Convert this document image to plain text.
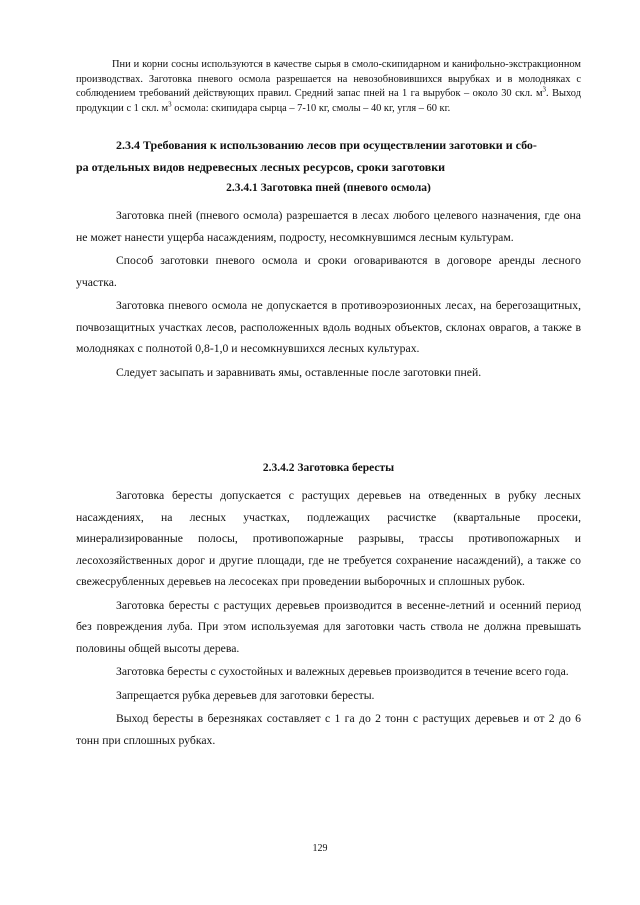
Пни и корни сосны используются в качестве сырья в смоло-скипидарном и канифольно-экстракционном производствах. Заготовка пневого осмола разрешается на невозобновившихся вырубках и в молодняках с соблюдением требований действующих правил. Средний запас пней на 1 га вырубок – около 30 скл. $м^3$. Выход продукции с 1 скл. $м^3$ осмола: скипидара сырца – 7-10 кг, смолы – 40 кг, угля – 60 кг.

2.3.4 Требования к использованию лесов при осуществлении заготовки и сбо-

ра отдельных видов недревесных лесных ресурсов, сроки заготовки

2.3.4.1 Заготовка пней (пневого осмола)

Заготовка пней (пневого осмола) разрешается в лесах любого целевого назначения, где она не может нанести ущерба насаждениям, подросту, несомкнувшимся лесным культурам.

Способ заготовки пневого осмола и сроки оговариваются в договоре аренды лесного участка.

Заготовка пневого осмола не допускается в противоэрозионных лесах, на берегозащитных, почвозащитных участках лесов, расположенных вдоль водных объектов, склонах оврагов, а также в молодняках с полнотой 0,8-1,0 и несомкнувшихся лесных культурах.

Следует засыпать и заравнивать ямы, оставленные после заготовки пней.

2.3.4.2 Заготовка бересты

Заготовка бересты допускается с растущих деревьев на отведенных в рубку лесных насаждениях, на лесных участках, подлежащих расчистке (квартальные просеки, минерализированные полосы, противопожарные разрывы, трассы противопожарных и лесохозяйственных дорог и другие площади, где не требуется сохранение насаждений), а также со свежесрубленных деревьев на лесосеках при проведении выборочных и сплошных рубок.

Заготовка бересты с растущих деревьев производится в весенне-летний и осенний период без повреждения луба. При этом используемая для заготовки часть ствола не должна превышать половины общей высоты дерева.

Заготовка бересты с сухостойных и валежных деревьев производится в течение всего года.

Запрещается рубка деревьев для заготовки бересты.

Выход бересты в березняках составляет с 1 га до 2 тонн с растущих деревьев и от 2 до 6 тонн при сплошных рубках.

129
